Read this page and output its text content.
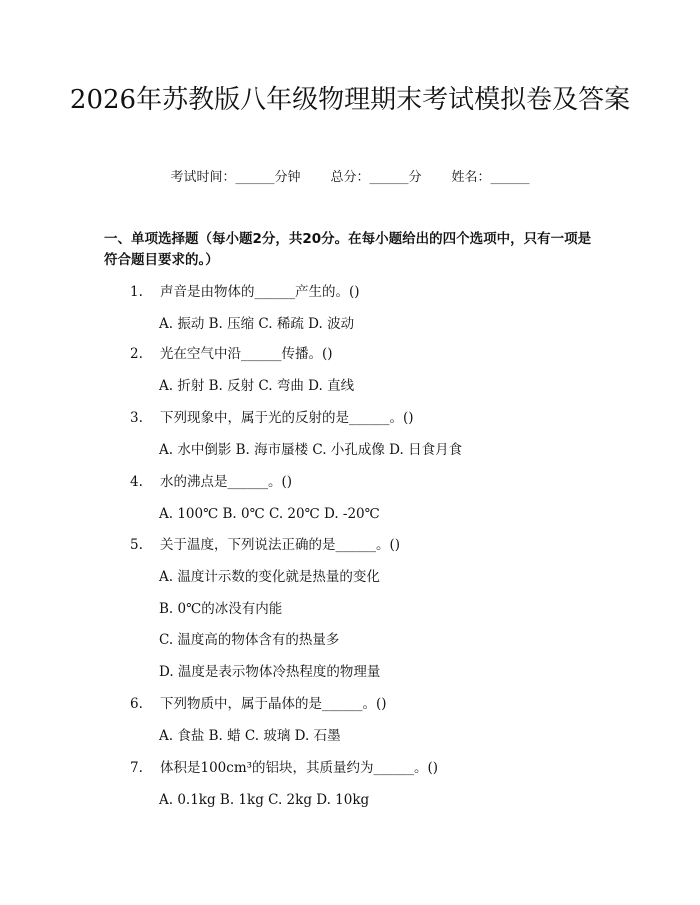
2026年苏教版八年级物理期末考试模拟卷及答案
考试时间：______分钟 总分：______分 姓名：______
一、单项选择题（每小题2分，共20分。在每小题给出的四个选项中，只有一项是符合题目要求的。）
1. 声音是由物体的______产生的。()
A. 振动 B. 压缩 C. 稀疏 D. 波动
2. 光在空气中沿______传播。()
A. 折射 B. 反射 C. 弯曲 D. 直线
3. 下列现象中，属于光的反射的是______。()
A. 水中倒影 B. 海市蜃楼 C. 小孔成像 D. 日食月食
4. 水的沸点是______。()
A. 100℃ B. 0℃ C. 20℃ D. -20℃
5. 关于温度，下列说法正确的是______。()
A. 温度计示数的变化就是热量的变化
B. 0℃的冰没有内能
C. 温度高的物体含有的热量多
D. 温度是表示物体冷热程度的物理量
6. 下列物质中，属于晶体的是______。()
A. 食盐 B. 蜡 C. 玻璃 D. 石墨
7. 体积是100cm³的铝块，其质量约为______。()
A. 0.1kg B. 1kg C. 2kg D. 10kg
